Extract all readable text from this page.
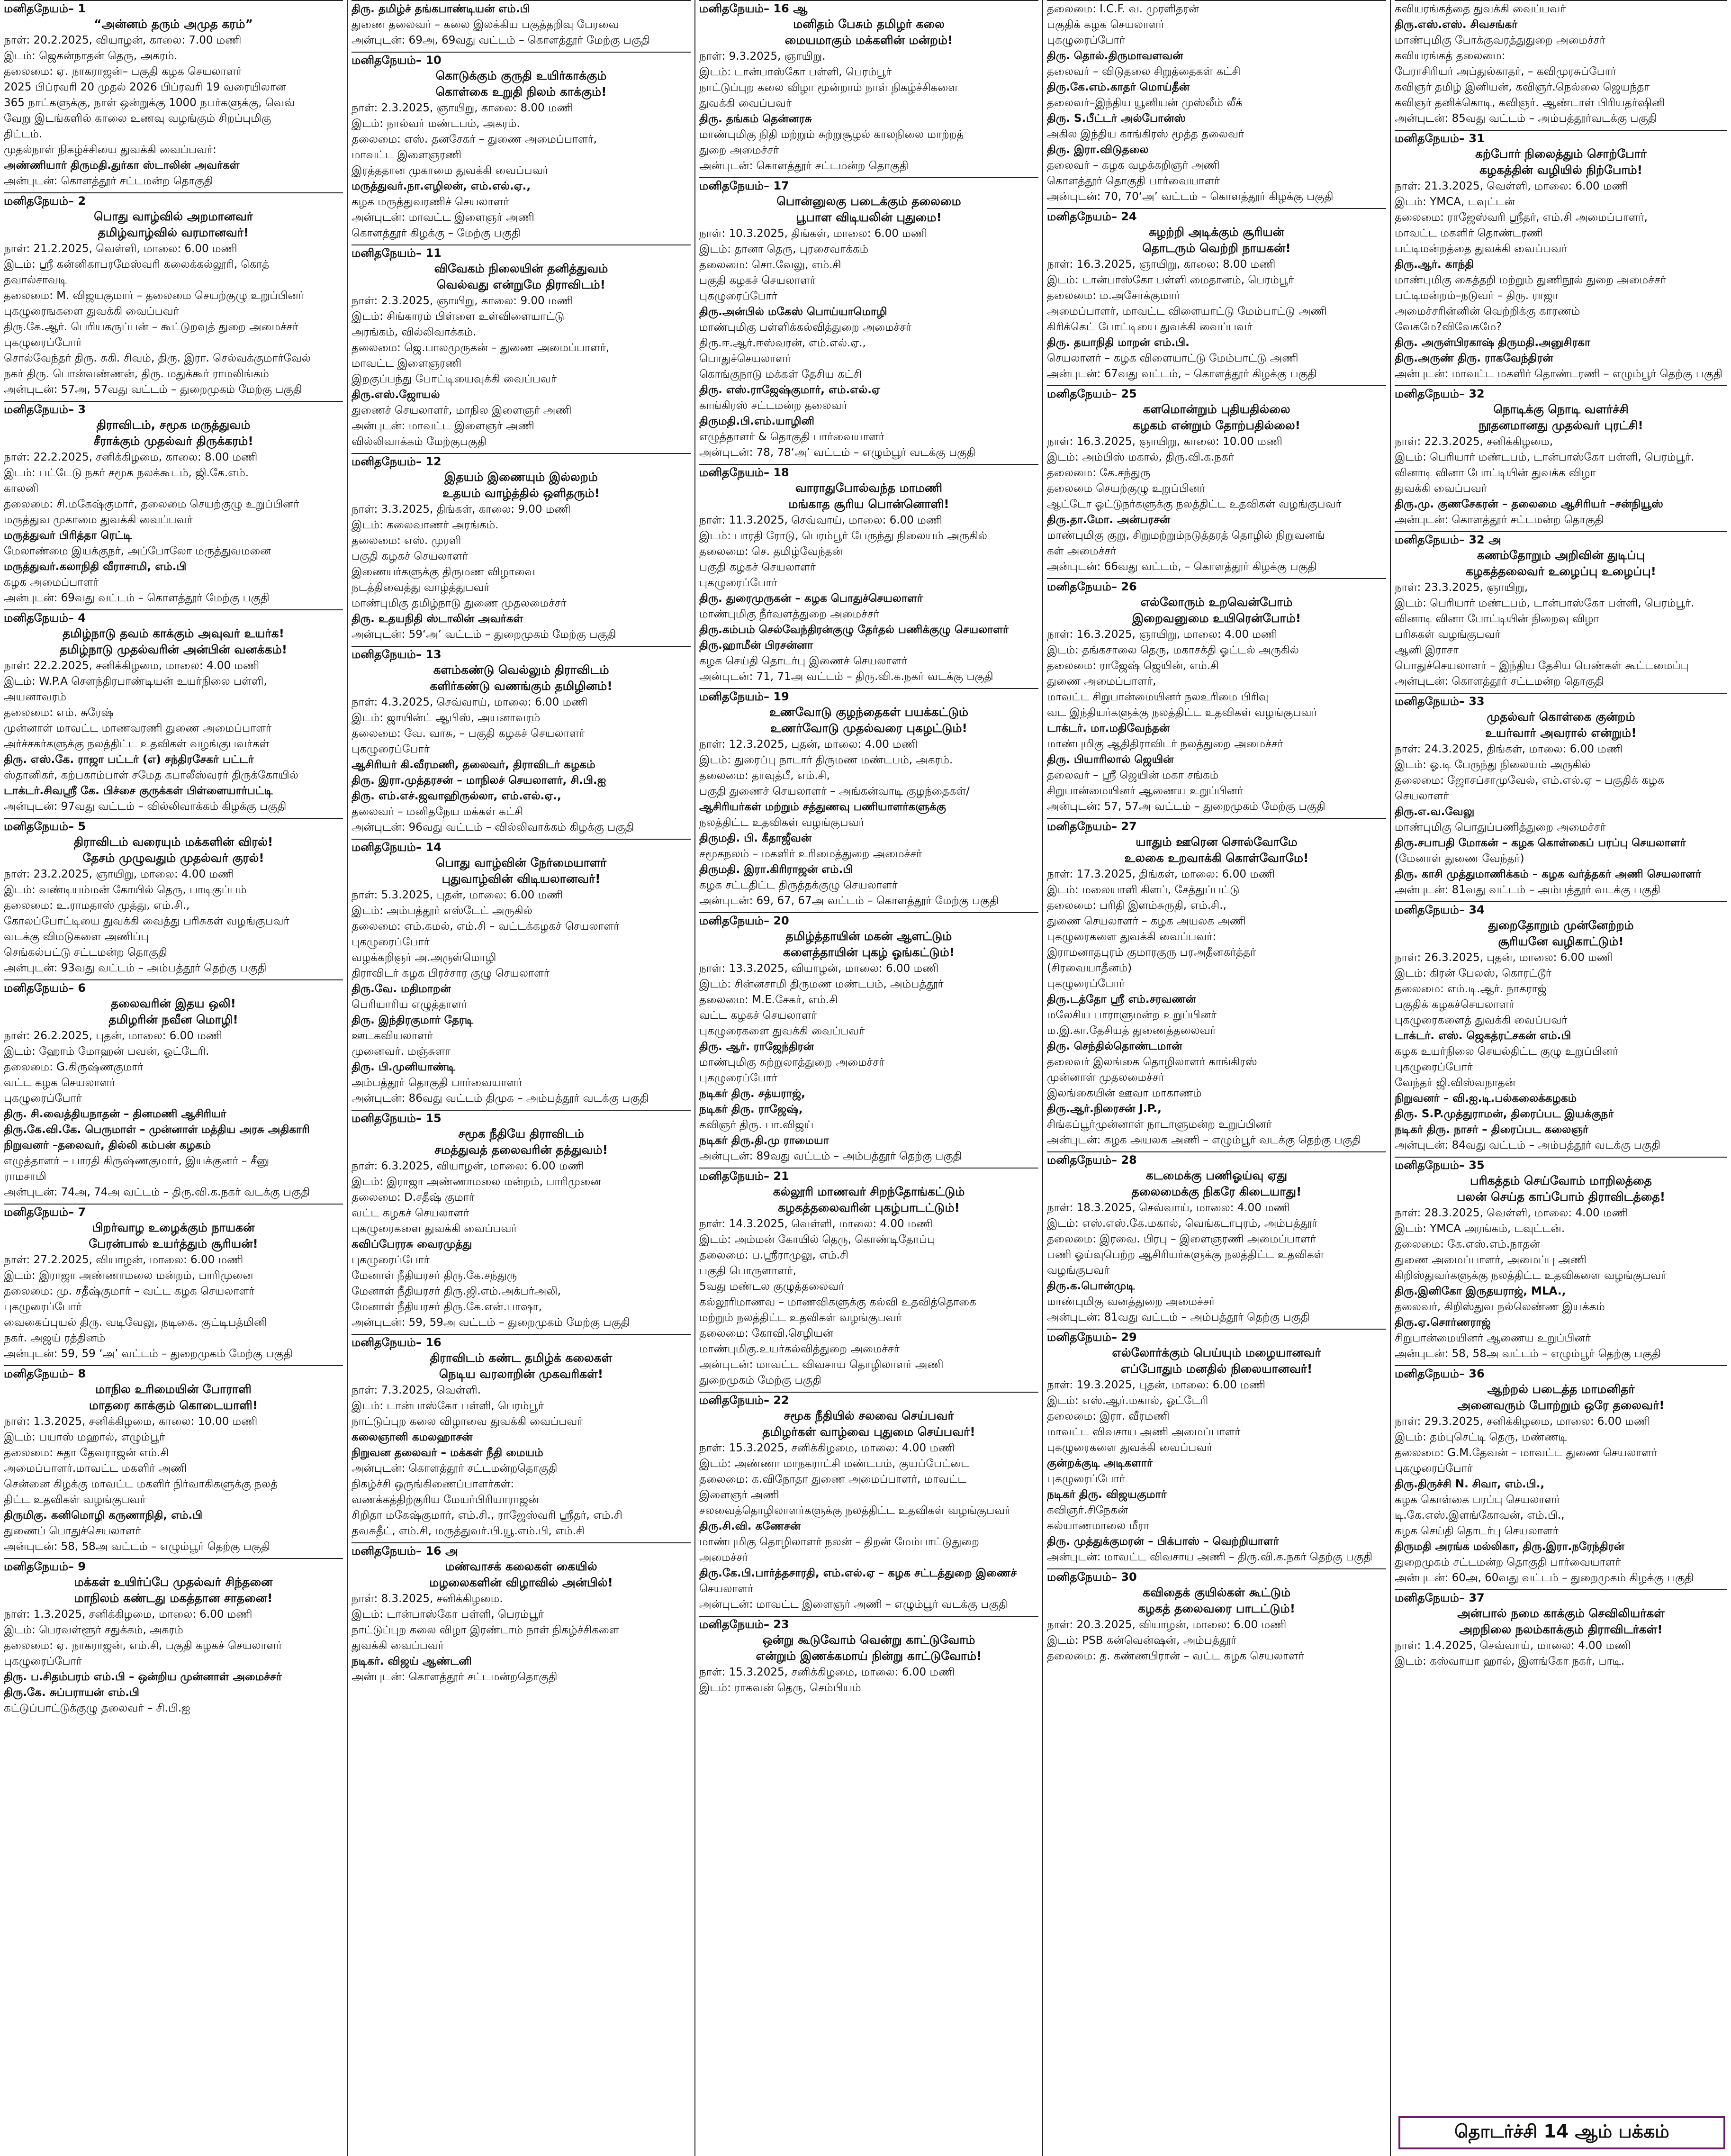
மனிதநேயம்– 1
“அன்னம் தரும் அமுத கரம்”
நாள்: 20.2.2025, வியாழன், காலை: 7.00 மணி
இடம்: ஜெகன்நாதன் தெரு, அகரம்.
தலைமை: ஏ. நாகராஜன்– பகுதி கழக செயலாளர்
2025 பிப்ரவரி 20 முதல் 2026 பிப்ரவரி 19 வரையிலான
365 நாட்களுக்கு, நாள் ஒன்றுக்கு 1000 நபர்களுக்கு, வெவ்
வேறு இடங்களில் காலை உணவு வழங்கும் சிறப்புமிகு
திட்டம்.
முதல்நாள் நிகழ்ச்சியை துவக்கி வைப்பவர்:
அண்ணியார் திருமதி.துர்கா ஸ்டாலின் அவர்கள்
அன்புடன்: கொளத்தூர் சட்டமன்ற தொகுதி
மனிதநேயம்– 2
பொது வாழ்வில் அறமானவர்
தமிழ்வாழ்வில் வரமானவர்!
நாள்: 21.2.2025, வெள்ளி, மாலை: 6.00 மணி
இடம்: ஸ்ரீ கன்னிகாபரமேஸ்வரி கலைக்கல்லூரி, கொத்
தவால்சாவடி
தலைமை: M. விஜயகுமார் – தலைமை செயற்குழு உறுப்பினர்
புகழுரைஙகளை துவக்கி வைப்பவர்
திரு.கே.ஆர். பெரியகருப்பன் – கூட்டுறவுத் துறை அமைச்சர்
புகழுரைப்போர்
சொல்வேந்தர் திரு. சுகி. சிவம், திரு. இரா. செல்வக்குமார்வேல்
நகர் திரு. பொன்வண்ணன், திரு. மதுக்கூர் ராமலிங்கம்
அன்புடன்: 57அ, 57வது வட்டம் – துறைமுகம் மேற்கு பகுதி
மனிதநேயம்– 3
திராவிடம், சமூக மருத்துவம்
சீராக்கும் முதல்வர் திருக்கரம்!
நாள்: 22.2.2025, சனிக்கிழமை, காலை: 8.00 மணி
இடம்: பட்டேடு நகர் சமூக நலக்கூடம், ஜி.கே.எம்.
காலனி
தலைமை: சி.மகேஷ்குமார், தலைமை செயற்குழு உறுப்பினர்
மருத்துவ முகாமை துவக்கி வைப்பவர்
மருத்துவர் பிரித்தா ரெட்டி
மேலாண்மை இயக்குநர், அப்போலோ மருத்துவமனை
மருத்துவர்.கலாநிதி வீராசாமி, எம்.பி
கழக அமைப்பாளர்
அன்புடன்: 69வது வட்டம் – கொளத்தூர் மேற்கு பகுதி
மனிதநேயம்– 4
தமிழ்நாடு தவம் காக்கும் அவுவர் உயர்க!
தமிழ்நாடு முதல்வரின் அன்பின் வனக்கம்!
நாள்: 22.2.2025, சனிக்கிழமை, மாலை: 4.00 மணி
இடம்: W.P.A சௌந்திரபாண்டியன் உயர்நிலை பள்ளி,
அயனாவரம்
தலைமை: எம். சுரேஷ்
முன்னாள் மாவட்ட மாணவரணி துணை அமைப்பாளர்
அர்ச்சகர்களுக்கு நலத்திட்ட உதவிகள் வழங்குபவர்கள்
திரு. எஸ்.கே. ராஜா பட்டர் (எ) சந்திரசேகர் பட்டர்
ஸ்தானிகர், கற்பகாம்பாள் சமேத கபாலீஸ்வரர் திருக்கோயில்
டாக்டர்.சிவஸ்ரீ கே. பிச்சை குருக்கள் பிள்ளையார்பட்டி
அன்புடன்: 97வது வட்டம் – வில்லிவாக்கம் கிழக்கு பகுதி
மனிதநேயம்– 5
திராவிடம் வரையும் மக்களின் விரல்!
தேசம் முழுவதும் முதல்வர் குரல்!
நாள்: 23.2.2025, ஞாயிறு, மாலை: 4.00 மணி
இடம்: வண்டியம்மன் கோயில் தெரு, பாடிகுப்பம்
தலைமை: உ.ராமதாஸ் முத்து, எம்.சி.,
கோலப்போட்டியை துவக்கி வைத்து பரிசுகள் வழங்குபவர்
வடக்கு விமடுகளை அணிப்பு
செங்கல்பட்டு சட்டமன்ற தொகுதி
அன்புடன்: 93வது வட்டம் – அம்பத்தூர் தெற்கு பகுதி
மனிதநேயம்– 6
தலைவரின் இதய ஒலி!
தமிழரின் நவீன மொழி!
நாள்: 26.2.2025, புதன், மாலை: 6.00 மணி
இடம்: ஹோம் மோஹன் பவன், ஓட்டேரி.
தலைமை: G.கிருஷ்ணகுமார்
வட்ட கழக செயலாளர்
புகழுரைப்போர்
திரு. சி.வைத்தியநாதன் – தினமணி ஆசிரியர்
திரு.கே.வி.கே. பெருமாள் – முன்னாள் மத்திய அரசு அதிகாரி
நிறுவனர் –தலைவர், தில்லி கம்பன் கழகம்
எழுத்தாளர் – பாரதி கிருஷ்ணகுமார், இயக்குனர் – சீனு
ராமசாமி
அன்புடன்: 74அ, 74அ வட்டம் – திரு.வி.க.நகர் வடக்கு பகுதி
மனிதநேயம்– 7
பிறர்வாழ உழைக்கும் நாயகன்
பேரன்பால் உயர்த்தும் சூரியன்!
நாள்: 27.2.2025, வியாழன், மாலை: 6.00 மணி
இடம்: இராஜா அண்ணாமலை மன்றம், பாரிமுனை
தலைமை: மு. சதீஷ்குமார் – வட்ட கழக செயலாளர்
புகழுரைப்போர்
வைகைப்புயல் திரு. வடிவேலு, நடிகை. குட்டிபத்மினி
நகர். அஜய் ரத்தினம்
அன்புடன்: 59, 59 ‘அ’ வட்டம் – துறைமுகம் மேற்கு பகுதி
மனிதநேயம்– 8
மாநில உரிமையின் போராளி
மாதரை காக்கும் கொடையாளி!
நாள்: 1.3.2025, சனிக்கிழமை, காலை: 10.00 மணி
இடம்: பயாஸ் மஹால், எழும்பூர்
தலைமை: சுதா தேவராஜன் எம்.சி
அமைப்பாளர்.மாவட்ட மகளிர் அணி
சென்னை கிழக்கு மாவட்ட மகளிர் நிர்வாகிகளுக்கு நலத்
திட்ட உதவிகள் வழங்குபவர்
திருமிகு. கனிமொழி கருணாநிதி, எம்.பி
துணைப் பொதுச்செயலாளர்
அன்புடன்: 58, 58அ வட்டம் – எழும்பூர் தெற்கு பகுதி
மனிதநேயம்– 9
மக்கள் உயிர்ப்பே முதல்வர் சிந்தனை
மாநிலம் கண்டது மகத்தான சாதனை!
நாள்: 1.3.2025, சனிக்கிழமை, மாலை: 6.00 மணி
இடம்: பெரவள்ளூர் சதுக்கம், அகரம்
தலைமை: ஏ. நாகராஜன், எம்.சி, பகுதி கழகச் செயலாளர்
புகழுரைப்போர்
திரு. ப.சிதம்பரம் எம்.பி – ஒன்றிய முன்னாள் அமைச்சர்
திரு.கே. சுப்பராயன் எம்.பி
கட்டுப்பாட்டுக்குழு தலைவர் – சி.பி.ஐ
திரு. தமிழ்ச் தங்கபாண்டியன் எம்.பி
துணை தலைவர் – கலை இலக்கிய பகுத்தறிவு பேரவை
அன்புடன்: 69அ, 69வது வட்டம் – கொளத்தூர் மேற்கு பகுதி
மனிதநேயம்– 10
கொடுக்கும் குருதி உயிர்காக்கும்
கொள்கை உறுதி நிலம் காக்கும்!
நாள்: 2.3.2025, ஞாயிறு, காலை: 8.00 மணி
இடம்: நால்வர் மண்டபம், அகரம்.
தலைமை: எஸ். தனசேகர் – துணை அமைப்பாளர்,
மாவட்ட இளைஞரணி
இரத்ததான முகாமை துவக்கி வைப்பவர்
மருத்துவர்.நா.எழிலன், எம்.எல்.ஏ.,
கழக மருத்துவரணிச் செயலாளர்
அன்புடன்: மாவட்ட இளைஞர் அணி
கொளத்தூர் கிழக்கு – மேற்கு பகுதி
மனிதநேயம்– 11
விவேகம் நிலையின் தனித்துவம்
வெல்வது என்றுமே திராவிடம்!
நாள்: 2.3.2025, ஞாயிறு, காலை: 9.00 மணி
இடம்: சிங்காரம் பிள்ளை உள்விளையாட்டு
அரங்கம், வில்லிவாக்கம்.
தலைமை: ஜெ.பாலமுருகன் – துணை அமைப்பாளர்,
மாவட்ட இளைஞரணி
இறகுப்பந்து போட்டியைவுக்கி வைப்பவர்
திரு.எஸ்.ஜோயல்
துணைச் செயலாளர், மாநில இளைஞர் அணி
அன்புடன்: மாவட்ட இளைஞர் அணி
வில்லிவாக்கம் மேற்குபகுதி
மனிதநேயம்– 12
இதயம் இணையும் இல்லறம்
உதயம் வாழ்த்தில் ஒளிதரும்!
நாள்: 3.3.2025, திங்கள், காலை: 9.00 மணி
இடம்: கலைவாணர் அரங்கம்.
தலைமை: எஸ். முரளி
பகுதி கழகச் செயலாளர்
இணையர்களுக்கு திருமண விழாவை
நடத்திவைத்து வாழ்த்துபவர்
மாண்புமிகு தமிழ்நாடு துணை முதலமைச்சர்
திரு. உதயநிதி ஸ்டாலின் அவர்கள்
அன்புடன்: 59‘அ’ வட்டம் – துறைமுகம் மேற்கு பகுதி
மனிதநேயம்– 13
களம்கண்டு வெல்லும் திராவிடம்
களிர்கண்டு வணங்கும் தமிழினம்!
நாள்: 4.3.2025, செவ்வாய், மாலை: 6.00 மணி
இடம்: ஜாயின்ட் ஆபிஸ், அயனாவரம்
தலைமை: வே. வாசு, – பகுதி கழகச் செயலாளர்
புகழுரைப்போர்
ஆசிரியர் கி.வீரமணி, தலைவர், திராவிடர் கழகம்
திரு. இரா.முத்தரசன் – மாநிலச் செயலாளர், சி.பி.ஐ
திரு. எம்.எச்.ஜவாஹிருல்லா, எம்.எல்.ஏ.,
தலைவர் – மனிதநேய மக்கள் கட்சி
அன்புடன்: 96வது வட்டம் – வில்லிவாக்கம் கிழக்கு பகுதி
மனிதநேயம்– 14
பொது வாழ்வின் நேர்மையாளர்
புதுவாழ்வின் விடியலானவர்!
நாள்: 5.3.2025, புதன், மாலை: 6.00 மணி
இடம்: அம்பத்தூர் எஸ்டேட் அருகில்
தலைமை: எம்.கமல், எம்.சி – வட்டக்கழகச் செயலாளர்
புகழுரைப்போர்
வழக்கறிஞர் அ.அருள்மொழி
திராவிடர் கழக பிரச்சார குழு செயலாளர்
திரு.வே. மதிமாறன்
பெரியாரிய எழுத்தாளர்
திரு. இந்திரகுமார் தேரடி
ஊடகவியலாளர்
முனைவர். மஞ்சுளா
திரு. பி.முனியாண்டி
அம்பத்தூர் தொகுதி பார்வையாளர்
அன்புடன்: 86வது வட்டம் திமுக – அம்பத்தூர் வடக்கு பகுதி
மனிதநேயம்– 15
சமூக நீதியே திராவிடம்
சமத்துவத் தலைவரின் தத்துவம்!
நாள்: 6.3.2025, வியாழன், மாலை: 6.00 மணி
இடம்: இராஜா அண்ணாமலை மன்றம், பாரிமுனை
தலைமை: D.சதீஷ் குமார்
வட்ட கழகச் செயலாளர்
புகழுரைகளை துவக்கி வைப்பவர்
கவிப்பேரரசு வைரமுத்து
புகழுரைப்போர்
மேனாள் நீதியரசர் திரு.கே.சந்துரு
மேனாள் நீதியரசர் திரு.ஜி.எம்.அக்பர்அலி,
மேனாள் நீதியரசர் திரு.கே.என்.பாஷா,
அன்புடன்: 59, 59அ வட்டம் – துறைமுகம் மேற்கு பகுதி
மனிதநேயம்– 16
திராவிடம் கண்ட தமிழ்க் கலைகள்
நெடிய வரலாறின் முகவரிகள்!
நாள்: 7.3.2025, வெள்ளி.
இடம்: டான்பாஸ்கோ பள்ளி, பெரம்பூர்
நாட்டுப்புற கலை விழாவை துவக்கி வைப்பவர்
கலைஞானி கமலஹாசன்
நிறுவன தலைவர் – மக்கள் நீதி மையம்
அன்புடன்: கொளத்தூர் சட்டமன்றதொகுதி
நிகழ்ச்சி ஒருங்கிணைப்பாளர்கள்:
வணக்கத்திற்குரிய மேயர்பிரியாராஜன்
சிறிதா மகேஷ்குமார், எம்.சி., ராஜேஸ்வரி ஸ்ரீதர், எம்.சி
தவசுதீட், எம்.சி, மருத்துவர்.பி.யூ.எம்.பி, எம்.சி
மனிதநேயம்– 16 அ
மண்வாசக் கலைகள் கையில்
மழலைகளின் விழாவில் அன்பில்!
நாள்: 8.3.2025, சனிக்கிழமை.
இடம்: டான்பாஸ்கோ பள்ளி, பெரம்பூர்
நாட்டுப்புற கலை விழா இரண்டாம் நாள் நிகழ்ச்சிகளை
துவக்கி வைப்பவர்
நடிகர். விஜய் ஆண்டனி
அன்புடன்: கொளத்தூர் சட்டமன்றதொகுதி
மனிதநேயம்– 16 ஆ
மனிதம் பேசும் தமிழர் கலை
மையமாகும் மக்களின் மன்றம்!
நாள்: 9.3.2025, ஞாயிறு.
இடம்: டான்பாஸ்கோ பள்ளி, பெரம்பூர்
நாட்டுப்புற கலை விழா மூன்றாம் நாள் நிகழ்ச்சிகளை
துவக்கி வைப்பவர்
திரு. தங்கம் தென்னரசு
மாண்புமிகு நிதி மற்றும் சுற்றுசூழல் காலநிலை மாற்றத்
துறை அமைச்சர்
அன்புடன்: கொளத்தூர் சட்டமன்ற தொகுதி
மனிதநேயம்– 17
பொன்னுலகு படைக்கும் தலைமை
பூபாள விடியலின் புதுமை!
நாள்: 10.3.2025, திங்கள், மாலை: 6.00 மணி
இடம்: தானா தெரு, புரசைவாக்கம்
தலைமை: சொ.வேலு, எம்.சி
பகுதி கழகச் செயலாளர்
புகழுரைப்போர்
திரு.அன்பில் மகேஸ் பொய்யாமொழி
மாண்புமிகு பள்ளிக்கல்வித்துறை அமைச்சர்
திரு.ஈ.ஆர்.ஈஸ்வரன், எம்.எல்.ஏ.,
பொதுச்செயலாளர்
கொங்குநாடு மக்கள் தேசிய கட்சி
திரு. எஸ்.ராஜேஷ்குமார், எம்.எல்.ஏ
காங்கிரஸ் சட்டமன்ற தலைவர்
திருமதி.பி.எம்.யாழினி
எழுத்தாளர் & தொகுதி பார்வையாளர்
அன்புடன்: 78, 78‘அ’ வட்டம் – எழும்பூர் வடக்கு பகுதி
மனிதநேயம்– 18
வாராதுபோல்வந்த மாமணி
மங்காத சூரிய பொன்னொளி!
நாள்: 11.3.2025, செவ்வாய், மாலை: 6.00 மணி
இடம்: பாரதி ரோடு, பெரம்பூர் பேருந்து நிலையம் அருகில்
தலைமை: செ. தமிழ்வேந்தன்
பகுதி கழகச் செயலாளர்
புகழுரைப்போர்
திரு. துரைமுருகன் – கழக பொதுச்செயலாளர்
மாண்புமிகு நீர்வளத்துறை அமைச்சர்
திரு.கம்பம் செல்வேந்திரன்குழு தேர்தல் பணிக்குழு செயலாளர்
திரு.ஹாமீன் பிரசன்னா
கழக செய்தி தொடர்பு இணைச் செயலாளர்
அன்புடன்: 71, 71அ வட்டம் – திரு.வி.க.நகர் வடக்கு பகுதி
மனிதநேயம்– 19
உணவோடு குழந்தைகள் பயக்கட்டும்
உணர்வோடு முதல்வரை புகழட்டும்!
நாள்: 12.3.2025, புதன், மாலை: 4.00 மணி
இடம்: துரைப்பு நாடார் திருமண மண்டபம், அகரம்.
தலைமை: தாவுத்பீ, எம்.சி,
பகுதி துணைச் செயலாளர் – அங்கன்வாடி குழந்தைகள்/
ஆசிரியர்கள் மற்றும் சத்துணவு பணியாளர்களுக்கு
நலத்திட்ட உதவிகள் வழங்குபவர்
திருமதி. பி. கீதாஜீவன்
சமூகநலம் – மகளிர் உரிமைத்துறை அமைச்சர்
திருமதி. இரா.கிரிராஜன் எம்.பி
கழக சட்டதிட்ட திருத்தக்குழு செயலாளர்
அன்புடன்: 69, 67, 67அ வட்டம் – கொளத்தூர் மேற்கு பகுதி
மனிதநேயம்– 20
தமிழ்த்தாயின் மகன் ஆளட்டும்
களைத்தாயின் புகழ் ஓங்கட்டும்!
நாள்: 13.3.2025, வியாழன், மாலை: 6.00 மணி
இடம்: சின்னசாமி திருமண மண்டபம், அம்பத்தூர்
தலைமை: M.E.சேகர், எம்.சி
வட்ட கழகச் செயலாளர்
புகழுரைகளை துவக்கி வைப்பவர்
திரு. ஆர். ராஜேந்திரன்
மாண்புமிகு சுற்றுலாத்துறை அமைச்சர்
புகழுரைப்போர்
நடிகர் திரு. சத்யராஜ்,
நடிகர் திரு. ராஜேஷ்,
கவிஞர் திரு. பா.விஜய்
நடிகர் திரு.தி.மு ராமையா
அன்புடன்: 89வது வட்டம் – அம்பத்தூர் தெற்கு பகுதி
மனிதநேயம்– 21
கல்லூரி மாணவர் சிறந்தோங்கட்டும்
கழகத்தலைவரின் புகழ்பாடட்டும்!
நாள்: 14.3.2025, வெள்ளி, மாலை: 4.00 மணி
இடம்: அம்மன் கோயில் தெரு, கொண்டிதோப்பு
தலைமை: ப.ஸ்ரீராமுலு, எம்.சி
பகுதி பொருளாளர்,
5வது மண்டல குழுத்தலைவர்
கல்லூரிமாணவ – மாணவிகளுக்கு கல்வி உதவித்தொகை
மற்றும் நலத்திட்ட உதவிகள் வழங்குபவர்
தலைமை: கோவி.செழியன்
மாண்புமிகு.உயர்கல்வித்துறை அமைச்சர்
அன்புடன்: மாவட்ட விவசாய தொழிலாளர் அணி
துறைமுகம் மேற்கு பகுதி
மனிதநேயம்– 22
சமூக நீதியில் சலவை செய்பவர்
தமிழர்கள் வாழ்வை புதுமை செய்பவர்!
நாள்: 15.3.2025, சனிக்கிழமை, மாலை: 4.00 மணி
இடம்: அண்ணா மாநகராட்சி மண்டபம், குயப்பேட்டை
தலைமை: க.விநோதா துணை அமைப்பாளர், மாவட்ட
இளைஞர் அணி
சலவைத்தொழிலாளர்களுக்கு நலத்திட்ட உதவிகள் வழங்குபவர்
திரு.சி.வி. கணேசன்
மாண்புமிகு தொழிலாளர் நலன் – திறன் மேம்பாட்டுதுறை
அமைச்சர்
திரு.கே.பி.பார்த்தசாரதி, எம்.எல்.ஏ – கழக சட்டத்துறை இணைச்
செயலாளர்
அன்புடன்: மாவட்ட இளைஞர் அணி – எழும்பூர் வடக்கு பகுதி
மனிதநேயம்– 23
ஒன்று கூடுவோம் வென்று காட்டுவோம்
என்றும் இணக்கமாய் நின்று காட்டுவோம்!
நாள்: 15.3.2025, சனிக்கிழமை, மாலை: 6.00 மணி
இடம்: ராகவன் தெரு, செம்பியம்
தலைமை: I.C.F. வ. முரளிதரன்
பகுதிக் கழக செயலாளர்
புகழுரைப்போர்
திரு. தொல்.திருமாவளவன்
தலைவர் – விடுதலை சிறுத்தைகள் கட்சி
திரு.கே.எம்.காதர் மொய்தீன்
தலைவர்–இந்திய யூனியன் முஸ்லீம் லீக்
திரு. S.பீட்டர் அல்போன்ஸ்
அகில இந்திய காங்கிரஸ் மூத்த தலைவர்
திரு. இரா.விடுதலை
தலைவர் – கழக வழக்கறிஞர் அணி
கொளத்தூர் தொகுதி பார்வையாளர்
அன்புடன்: 70, 70‘அ’ வட்டம் – கொளத்தூர் கிழக்கு பகுதி
மனிதநேயம்– 24
சுழற்றி அடிக்கும் சூரியன்
தொடரும் வெற்றி நாயகன்!
நாள்: 16.3.2025, ஞாயிறு, காலை: 8.00 மணி
இடம்: டான்பாஸ்கோ பள்ளி மைதானம், பெரம்பூர்
தலைமை: ம.அசோக்குமார்
அமைப்பாளர், மாவட்ட விளையாட்டு மேம்பாட்டு அணி
கிரிக்கெட் போட்டியை துவக்கி வைப்பவர்
திரு. தயாநிதி மாறன் எம்.பி.
செயலாளர் – கழக விளையாட்டு மேம்பாட்டு அணி
அன்புடன்: 67வது வட்டம், – கொளத்தூர் கிழக்கு பகுதி
மனிதநேயம்– 25
களமொன்றும் புதியதில்லை
கழகம் என்றும் தோற்பதில்லை!
நாள்: 16.3.2025, ஞாயிறு, காலை: 10.00 மணி
இடம்: அம்பிஸ் மகால், திரு.வி.க.நகர்
தலைமை: கே.சந்துரு
தலைமை செயற்குழு உறுப்பினர்
ஆட்டோ ஓட்டுநர்களுக்கு நலத்திட்ட உதவிகள் வழங்குபவர்
திரு.தா.மோ. அன்பரசன்
மாண்புமிகு குறு, சிறுமற்றும்நடுத்தரத் தொழில் நிறுவனங்
கள் அமைச்சர்
அன்புடன்: 66வது வட்டம், – கொளத்தூர் கிழக்கு பகுதி
மனிதநேயம்– 26
எல்லோரும் உறவென்போம்
இறைவனுமை உயிரென்போம்!
நாள்: 16.3.2025, ஞாயிறு, மாலை: 4.00 மணி
இடம்: தங்கசாலை தெரு, மகாசக்தி ஓட்டல் அருகில்
தலைமை: ராஜேஷ் ஜெயின், எம்.சி
துணை அமைப்பாளர்,
மாவட்ட சிறுபான்மையினர் நலஉரிமை பிரிவு
வட இந்தியர்களுக்கு நலத்திட்ட உதவிகள் வழங்குபவர்
டாக்டர். மா.மதிவேந்தன்
மாண்புமிகு ஆதிதிராவிடர் நலத்துறை அமைச்சர்
திரு. பியாரிலால் ஜெயின்
தலைவர் – ஸ்ரீ ஜெயின் மகா சங்கம்
சிறுபான்மையினர் ஆணைய உறுப்பினர்
அன்புடன்: 57, 57அ வட்டம் – துறைமுகம் மேற்கு பகுதி
மனிதநேயம்– 27
யாதும் ஊரென சொல்வோமே
உலகை உறவாக்கி கொள்வோமே!
நாள்: 17.3.2025, திங்கள், மாலை: 6.00 மணி
இடம்: மலையாளி கிளப், சேத்துப்பட்டு
தலைமை: பரிதி இளம்சுருதி, எம்.சி.,
துணை செயலாளர் – கழக அயலக அணி
புகழுரைகளை துவக்கி வைப்பவர்:
இராமனாதபுரம் குமாரகுரு பரஅதீனகர்த்தர்
(சிரவையாதீனம்)
புகழுரைப்போர்
திரு.டத்தோ ஸ்ரீ எம்.சரவணன்
மலேசிய பாராளுமன்ற உறுப்பினர்
ம.இ.கா.தேசியத் துணைத்தலைவர்
திரு. செந்தில்தொண்டமான்
தலைவர் இலங்கை தொழிலாளர் காங்கிரஸ்
முன்னாள் முதலமைச்சர்
இலங்கையின் ஊவா மாகாணம்
திரு.ஆர்.நிரைசன் J.P.,
சிங்கப்பூர்முன்னாள் நாடாளுமன்ற உறுப்பினர்
அன்புடன்: கழக அயலக அணி – எழும்பூர் வடக்கு தெற்கு பகுதி
மனிதநேயம்– 28
கடமைக்கு பணிஓய்வு ஏது
தலைமைக்கு நிகரே கிடையாது!
நாள்: 18.3.2025, செவ்வாய், மாலை: 4.00 மணி
இடம்: எஸ்.எஸ்.கே.மகால், வெங்கடாபுரம், அம்பத்தூர்
தலைமை: இரவை. பிரபு – இளைஞரணி அமைப்பாளர்
பணி ஓய்வுபெற்ற ஆசிரியர்களுக்கு நலத்திட்ட உதவிகள்
வழங்குபவர்
திரு.க.பொன்முடி
மாண்புமிகு வனத்துறை அமைச்சர்
அன்புடன்: 81வது வட்டம் – அம்பத்தூர் தெற்கு பகுதி
மனிதநேயம்– 29
எல்லோர்க்கும் பெய்யும் மழையானவர்
எப்போதும் மனதில் நிலையானவர்!
நாள்: 19.3.2025, புதன், மாலை: 6.00 மணி
இடம்: எஸ்.ஆர்.மகால், ஓட்டேரி
தலைமை: இரா. வீரமணி
மாவட்ட விவசாய அணி அமைப்பாளர்
புகழுரைகளை துவக்கி வைப்பவர்
குன்றக்குடி அடிகளார்
புகழுரைப்போர்
நடிகர் திரு. விஜயகுமார்
கவிஞர்.சிநேகன்
கல்யாணமாலை மீரா
திரு. முத்துக்குமரன் – பிக்பாஸ் – வெற்றியாளர்
அன்புடன்: மாவட்ட விவசாய அணி – திரு.வி.க.நகர் தெற்கு பகுதி
மனிதநேயம்– 30
கவிதைக் குயில்கள் கூட்டும்
கழகத் தலைவரை பாடட்டும்!
நாள்: 20.3.2025, வியாழன், மாலை: 6.00 மணி
இடம்: PSB கன்வென்ஷன், அம்பத்தூர்
தலைமை: த. கண்ணபிரான் – வட்ட கழக செயலாளர்
கவியரங்கத்தை துவக்கி வைப்பவர்
திரு.எஸ்.எஸ். சிவசங்கர்
மாண்புமிகு போக்குவரத்துதுறை அமைச்சர்
கவியரங்கத் தலைமை:
பேராசிரியர் அப்துல்காதர், – கவிமுரசுப்போர்
கவிஞர் தமிழ் இனியன், கவிஞர்.நெல்லை ஜெயந்தா
கவிஞர் தனிக்கொடி, கவிஞர். ஆண்டாள் பிரியதர்ஷினி
அன்புடன்: 85வது வட்டம் – அம்பத்தூர்வடக்கு பகுதி
மனிதநேயம்– 31
கற்போர் நிலைத்தும் சொற்போர்
கழகத்தின் வழியில் நிற்போம்!
நாள்: 21.3.2025, வெள்ளி, மாலை: 6.00 மணி
இடம்: YMCA, டவுட்டன்
தலைமை: ராஜேஸ்வரி ஸ்ரீதர், எம்.சி அமைப்பாளர்,
மாவட்ட மகளிர் தொண்டரணி
பட்டிமன்றத்தை துவக்கி வைப்பவர்
திரு.ஆர். காந்தி
மாண்புமிகு கைத்தறி மற்றும் துணிநூல் துறை அமைச்சர்
பட்டிமன்றம்–நடுவர் – திரு. ராஜா
அமைச்சரின்னின் வெற்றிக்கு காரணம்
வேகமே?விவேகமே?
திரு. அருள்பிரகாஷ் திருமதி.அனுசிரகா
திரு.அருண் திரு. ராகவேந்திரன்
அன்புடன்: மாவட்ட மகளிர் தொண்டரணி – எழும்பூர் தெற்கு பகுதி
மனிதநேயம்– 32
நொடிக்கு நொடி வளர்ச்சி
நூதனமானது முதல்வர் புரட்சி!
நாள்: 22.3.2025, சனிக்கிழமை,
இடம்: பெரியார் மண்டபம், டான்பாஸ்கோ பள்ளி, பெரம்பூர்.
வினாடி வினா போட்டியின் துவக்க விழா
துவக்கி வைப்பவர்
திரு.மு. குணசேகரன் – தலைமை ஆசிரியர் –சன்நியூஸ்
அன்புடன்: கொளத்தூர் சட்டமன்ற தொகுதி
மனிதநேயம்– 32 அ
கணம்தோறும் அறிவின் துடிப்பு
கழகத்தலைவர் உழைப்பு உழைப்பு!
நாள்: 23.3.2025, ஞாயிறு,
இடம்: பெரியார் மண்டபம், டான்பாஸ்கோ பள்ளி, பெரம்பூர்.
வினாடி வினா போட்டியின் நிறைவு விழா
பரிசுகள் வழங்குபவர்
ஆனி இராசா
பொதுச்செயலாளர் – இந்திய தேசிய பெண்கள் கூட்டமைப்பு
அன்புடன்: கொளத்தூர் சட்டமன்ற தொகுதி
மனிதநேயம்– 33
முதல்வர் கொள்கை குன்றம்
உயர்வார் அவரால் என்றும்!
நாள்: 24.3.2025, திங்கள், மாலை: 6.00 மணி
இடம்: ஓ.டி பேருந்து நிலையம் அருகில்
தலைமை: ஜோசப்சாமுவேல், எம்.எல்.ஏ – பகுதிக் கழக
செயலாளர்
திரு.எ.வ.வேலு
மாண்புமிகு பொதுப்பணித்துறை அமைச்சர்
திரு.சபாபதி மோகன் – கழக கொள்கைப் பரப்பு செயலாளர்
(மேனாள் துணை வேந்தர்)
திரு. காசி முத்துமாணிக்கம் – கழக வர்த்தகர் அணி செயலாளர்
அன்புடன்: 81வது வட்டம் – அம்பத்தூர் வடக்கு பகுதி
மனிதநேயம்– 34
துறைதோறும் முன்னேற்றம்
சூரியனே வழிகாட்டும்!
நாள்: 26.3.2025, புதன், மாலை: 6.00 மணி
இடம்: கிரன் பேலஸ், கொரட்டூர்
தலைமை: எம்.டி.ஆர். நாகராஜ்
பகுதிக் கழகச்செயலாளர்
புகழுரைகளைத் துவக்கி வைப்பவர்
டாக்டர். எஸ். ஜெகத்ரட்சகன் எம்.பி
கழக உயர்நிலை செயல்திட்ட குழு உறுப்பினர்
புகழுரைப்போர்
வேந்தர் ஜி.விஸ்வநாதன்
நிறுவனர் – வி.ஐ.டி.பல்கலைக்கழகம்
திரு. S.P.முத்துராமன், திரைப்பட இயக்குநர்
நடிகர் திரு. நாசர் – திரைப்பட கலைஞர்
அன்புடன்: 84வது வட்டம் – அம்பத்தூர் வடக்கு பகுதி
மனிதநேயம்– 35
பரிகத்தம் செய்வோம் மாறிலத்தை
பலன் செய்த காப்போம் திராவிடத்தை!
நாள்: 28.3.2025, வெள்ளி, மாலை: 4.00 மணி
இடம்: YMCA அரங்கம், டவுட்டன்.
தலைமை: கே.எஸ்.எம்.நாதன்
துணை அமைப்பாளர், அமைப்பு அணி
கிறிஸ்துவர்களுக்கு நலத்திட்ட உதவிகளை வழங்குபவர்
திரு.இனிகோ இருதயராஜ், MLA.,
தலைவர், கிறிஸ்துவ நல்லெண்ண இயக்கம்
திரு.ஏ.சொர்ணராஜ்
சிறுபான்மையினர் ஆணைய உறுப்பினர்
அன்புடன்: 58, 58அ வட்டம் – எழும்பூர் தெற்கு பகுதி
மனிதநேயம்– 36
ஆற்றல் படைத்த மாமனிதர்
அனைவரும் போற்றும் ஒரே தலைவர்!
நாள்: 29.3.2025, சனிக்கிழமை, மாலை: 6.00 மணி
இடம்: தம்புசெட்டி தெரு, மண்ணடி
தலைமை: G.M.தேவன் – மாவட்ட துணை செயலாளர்
புகழுரைப்போர்
திரு.திருச்சி N. சிவா, எம்.பி.,
கழக கொள்கை பரப்பு செயலாளர்
டி.கே.எஸ்.இளங்கோவன், எம்.பி.,
கழக செய்தி தொடர்பு செயலாளர்
திருமதி அரங்க மல்லிகா, திரு.இரா.நரேந்திரன்
துறைமுகம் சட்டமன்ற தொகுதி பார்வையாளர்
அன்புடன்: 60அ, 60வது வட்டம் – துறைமுகம் கிழக்கு பகுதி
மனிதநேயம்– 37
அன்பால் நமை காக்கும் செவிலியர்கள்
அறநிலை நலம்காக்கும் திராவிடர்கள்!
நாள்: 1.4.2025, செவ்வாய், மாலை: 4.00 மணி
இடம்: கஸ்வாயா ஹால், இளங்கோ நகர், பாடி.
தொடர்ச்சி 14 ஆம் பக்கம்
